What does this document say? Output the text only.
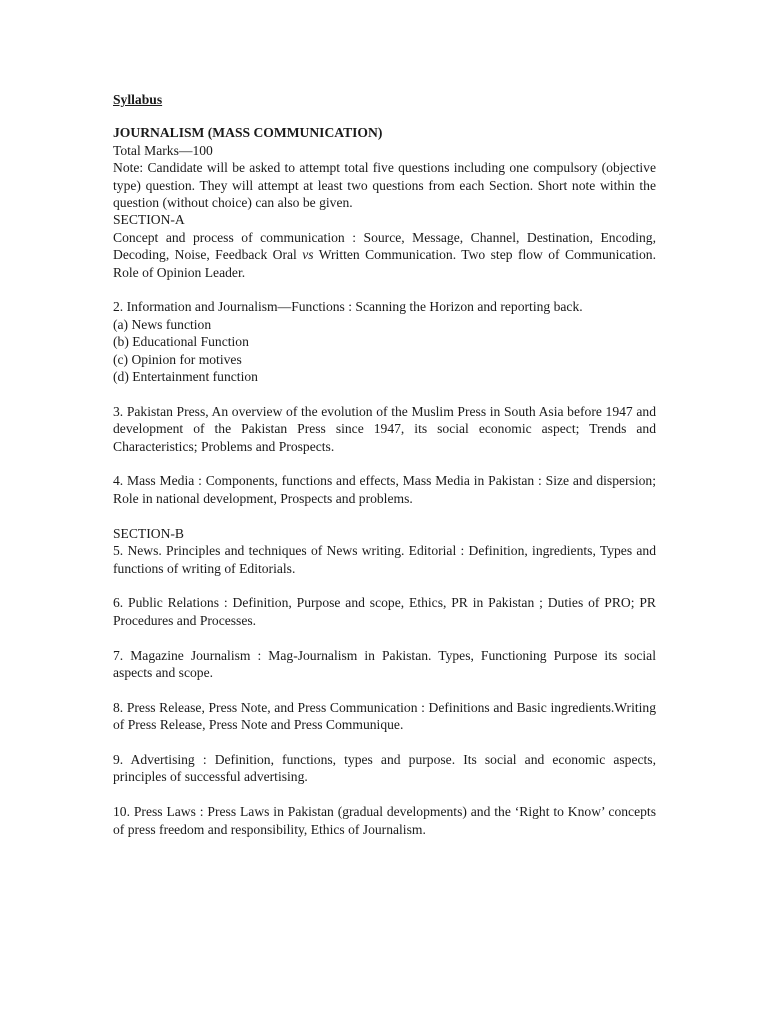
Syllabus

JOURNALISM (MASS COMMUNICATION)

Total Marks—100

Note: Candidate will be asked to attempt total five questions including one compulsory (objective type) question. They will attempt at least two questions from each Section. Short note within the question (without choice) can also be given.

SECTION-A

Concept and process of communication : Source, Message, Channel, Destination, Encoding, Decoding, Noise, Feedback Oral vs Written Communication. Two step flow of Communication. Role of Opinion Leader.

2. Information and Journalism—Functions : Scanning the Horizon and reporting back.

(a) News function

(b) Educational Function

(c) Opinion for motives

(d) Entertainment function

3. Pakistan Press, An overview of the evolution of the Muslim Press in South Asia before 1947 and development of the Pakistan Press since 1947, its social economic aspect; Trends and Characteristics; Problems and Prospects.

4. Mass Media : Components, functions and effects, Mass Media in Pakistan : Size and dispersion; Role in national development, Prospects and problems.

SECTION-B

5. News. Principles and techniques of News writing. Editorial : Definition, ingredients, Types and functions of writing of Editorials.

6. Public Relations : Definition, Purpose and scope, Ethics, PR in Pakistan ; Duties of PRO; PR Procedures and Processes.

7. Magazine Journalism : Mag-Journalism in Pakistan. Types, Functioning Purpose its social aspects and scope.

8. Press Release, Press Note, and Press Communication : Definitions and Basic ingredients.Writing of Press Release, Press Note and Press Communique.

9. Advertising : Definition, functions, types and purpose. Its social and economic aspects, principles of successful advertising.

10. Press Laws : Press Laws in Pakistan (gradual developments) and the ‘Right to Know’ concepts of press freedom and responsibility, Ethics of Journalism.
